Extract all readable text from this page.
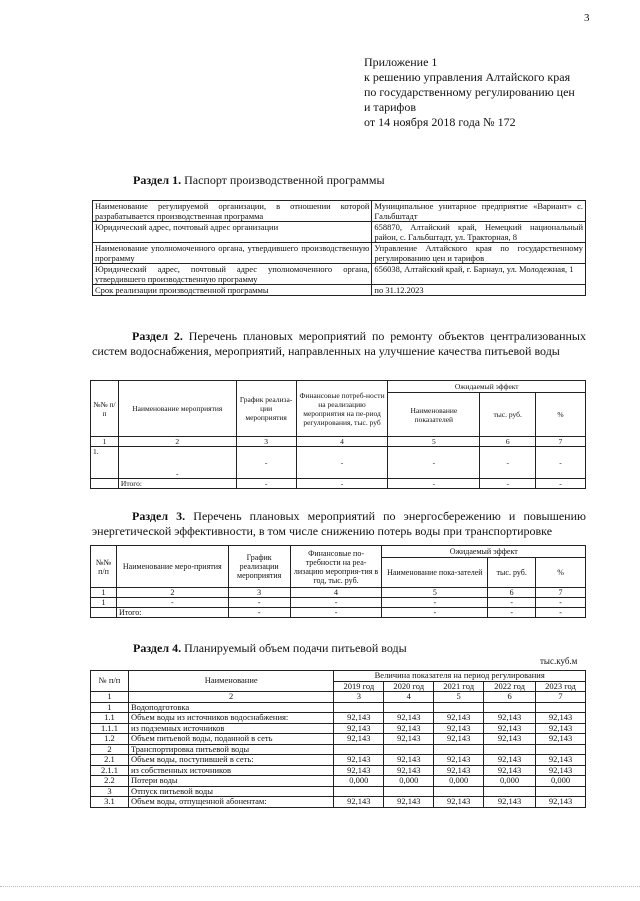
3
Приложение 1
к решению управления Алтайского края
по государственному регулированию цен
и тарифов
от 14 ноября 2018 года № 172
Раздел 1. Паспорт производственной программы
Наименование регулируемой организации, в отношении которой разрабатывается производственная программа	Муниципальное унитарное предприятие «Вариант» с. Гальбштадт
Юридический адрес, почтовый адрес организации	658870, Алтайский край, Немецкий национальный район, с. Гальбштадт, ул. Тракторная, 8
Наименование уполномоченного органа, утвердившего производственную программу	Управление Алтайского края по государственному регулированию цен и тарифов
Юридический адрес, почтовый адрес уполномоченного органа, утвердившего производственную программу	656038, Алтайский край, г. Барнаул, ул. Молодежная, 1
Срок реализации производственной программы	по 31.12.2023
Раздел 2. Перечень плановых мероприятий по ремонту объектов централизованных систем водоснабжения, мероприятий, направленных на улучшение качества питьевой воды
№№ п/п	Наименование мероприятия	График реализа-ции мероприятия	Финансовые потреб-ности на реализацию мероприятия на пе-риод регулирования, тыс. руб	Ожидаемый эффект		
				Наименование показателей	тыс. руб.	%
1	2	3	4	5	6	7
1.	-	-	-	-	-	-
	Итого:	-	-	-	-	-
Раздел 3. Перечень плановых мероприятий по энергосбережению и повышению энергетической эффективности, в том числе снижению потерь воды при транспортировке
№№ п/п	Наименование меро-приятия	График реализации мероприятия	Финансовые по-требности на реа-лизацию мероприя-тия в год, тыс. руб.	Ожидаемый эффект		
				Наименование пока-зателей	тыс. руб.	%
1	2	3	4	5	6	7
1	-	-	-	-	-	-
	Итого:	-	-	-	-	-
Раздел 4. Планируемый объем подачи питьевой воды
тыс.куб.м
№ п/п	Наименование	Величина показателя на период регулирования				
		2019 год	2020 год	2021 год	2022 год	2023 год
1	2	3	4	5	6	7
1	Водоподготовка					
1.1	Объем воды из источников водоснабжения:	92,143	92,143	92,143	92,143	92,143
1.1.1	из подземных источников	92,143	92,143	92,143	92,143	92,143
1.2	Объем питьевой воды, поданной в сеть	92,143	92,143	92,143	92,143	92,143
2	Транспортировка питьевой воды					
2.1	Объем воды, поступившей в сеть:	92,143	92,143	92,143	92,143	92,143
2.1.1	из собственных источников	92,143	92,143	92,143	92,143	92,143
2.2	Потери воды	0,000	0,000	0,000	0,000	0,000
3	Отпуск питьевой воды					
3.1	Объем воды, отпущенной абонентам:	92,143	92,143	92,143	92,143	92,143
